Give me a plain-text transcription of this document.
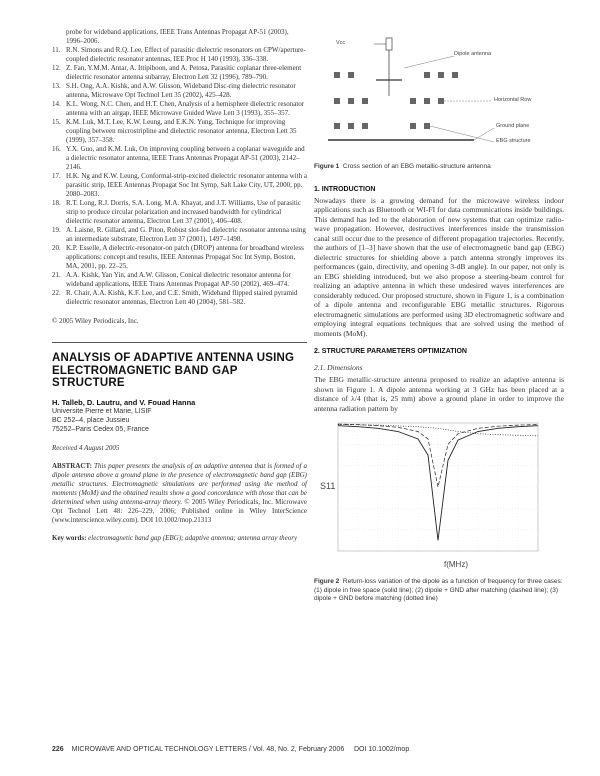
probe for wideband applications, IEEE Trans Antennas Propagat AP-51 (2003), 1996–2006.
11. R.N. Simons and R.Q. Lee, Effect of parasitic dielectric resonators on CPW/aperture-coupled dielectric resonator antennas, IEE Proc H 140 (1993), 336–338.
12. Z. Fan, Y.M.M. Antar, A. Ittipiboon, and A. Petosa, Parasitic coplanar three-element dielectric resonator antenna subarray, Electron Lett 32 (1996), 789–790.
13. S.H. Ong, A.A. Kishk, and A.W. Glisson, Wideband Disc-ring dielectric resonator antenna, Microwave Opt Technol Lett 35 (2002), 425–428.
14. K.L. Wong, N.C. Chen, and H.T. Chen, Analysis of a hemisphere dielectric resonator antenna with an airgap, IEEE Microwave Guided Wave Lett 3 (1993), 355–357.
15. K.M. Luk, M.T. Lee, K.W. Leung, and E.K.N. Yung, Technique for improving coupling between microstripline and dielectric resonator antenna, Electron Lett 35 (1999), 357–358.
16. Y.X. Guo, and K.M. Luk, On improving coupling between a coplanar waveguide and a dielectric resonator antenna, IEEE Trans Antennas Propagat AP-51 (2003), 2142–2146.
17. H.K. Ng and K.W. Leung, Conformal-strip-excited dielectric resonator antenna with a parasitic strip, IEEE Antennas Propagat Soc Int Symp, Salt Lake City, UT, 2000, pp. 2080–2083.
18. R.T. Long, R.J. Dorris, S.A. Long, M.A. Khayat, and J.T. Williams, Use of parasitic strip to produce circular polarization and increased bandwidth for cylindrical dielectric resonator antenna, Electron Lett 37 (2001), 406–408.
19. A. Laisne, R. Gillard, and G. Piton, Robust slot-fed dielectric resonator antenna using an intermediate substrate, Electron Lett 37 (2001), 1497–1498.
20. K.P. Esselle, A dielectric-resonator-on patch (DROP) antenna for broadband wireless applications: concept and results, IEEE Antennas Propagat Soc Int Symp, Boston, MA, 2001, pp. 22–25.
21. A.A. Kishk, Yan Yin, and A.W. Glisson, Conical dielectric resonator antenna for wideband applications, IEEE Trans Antennas Propagat AP-50 (2002), 469–474.
22. R. Chair, A.A. Kishk, K.F. Lee, and C.E. Smith, Wideband flipped staired pyramid dielectric resonator antennas, Electron Lett 40 (2004), 581–582.
© 2005 Wiley Periodicals, Inc.
ANALYSIS OF ADAPTIVE ANTENNA USING ELECTROMAGNETIC BAND GAP STRUCTURE
H. Talleb, D. Lautru, and V. Fouad Hanna
Universite Pierre et Marie, LISIF
BC 252–4, place Jussieu
75252–Paris Cedex 05, France
Received 4 August 2005
ABSTRACT: This paper presents the analysis of an adaptive antenna that is formed of a dipole antenna above a ground plane in the presence of electromagnetic band gap (EBG) metallic structures. Electromagnetic simulations are performed using the method of moments (MoM) and the obtained results show a good concordance with those that can be determined when using antenna-array theory. © 2005 Wiley Periodicals, Inc. Microwave Opt Technol Lett 48: 226–229, 2006; Published online in Wiley InterScience (www.interscience.wiley.com). DOI 10.1002/mop.21313
Key words: electromagnetic band gap (EBG); adaptive antenna; antenna array theory
Vcc
Dipole antenna
Horizontal Row
Ground plane
EBG structure
Figure 1 Cross section of an EBG metallic-structure antenna
1. INTRODUCTION
Nowadays there is a growing demand for the microwave wireless indoor applications such as Bluetooth or WI-FI for data communications inside buildings. This demand has led to the elaboration of new systems that can optimize radio-wave propagation. However, destructives interferences inside the transmission canal still occur due to the presence of different propagation trajectories. Recently, the authors of [1–3] have shown that the use of electromagnetic band gap (EBG) dielectric structures for shielding above a patch antenna strongly improves its performances (gain, directivity, and opening 3-dB angle). In our paper, not only is an EBG shielding introduced, but we also propose a steering-beam control for realizing an adaptive antenna in which these undesired waves interferences are considerably reduced. Our proposed structure, shown in Figure 1, is a combination of a dipole antenna and reconfigurable EBG metallic structures. Rigorous electromagnetic simulations are performed using 3D electromagnetic software and employing integral equations techniques that are solved using the method of moments (MoM).
2. STRUCTURE PARAMETERS OPTIMIZATION
2.1. Dimensions
The EBG metallic-structure antenna proposed to realize an adaptive antenna is shown in Figure 1. A dipole antenna working at 3 GHz has been placed at a distance of λ/4 (that is, 25 mm) above a ground plane in order to improve the antenna radiation pattern by
S11
f(MHz)
Figure 2 Return-loss variation of the dipole as a function of frequency for three cases: (1) dipole in free space (solid line); (2) dipole + GND after matching (dashed line); (3) dipole + GND before matching (dotted line)
226 MICROWAVE AND OPTICAL TECHNOLOGY LETTERS / Vol. 48, No. 2, February 2006 DOI 10.1002/mop
